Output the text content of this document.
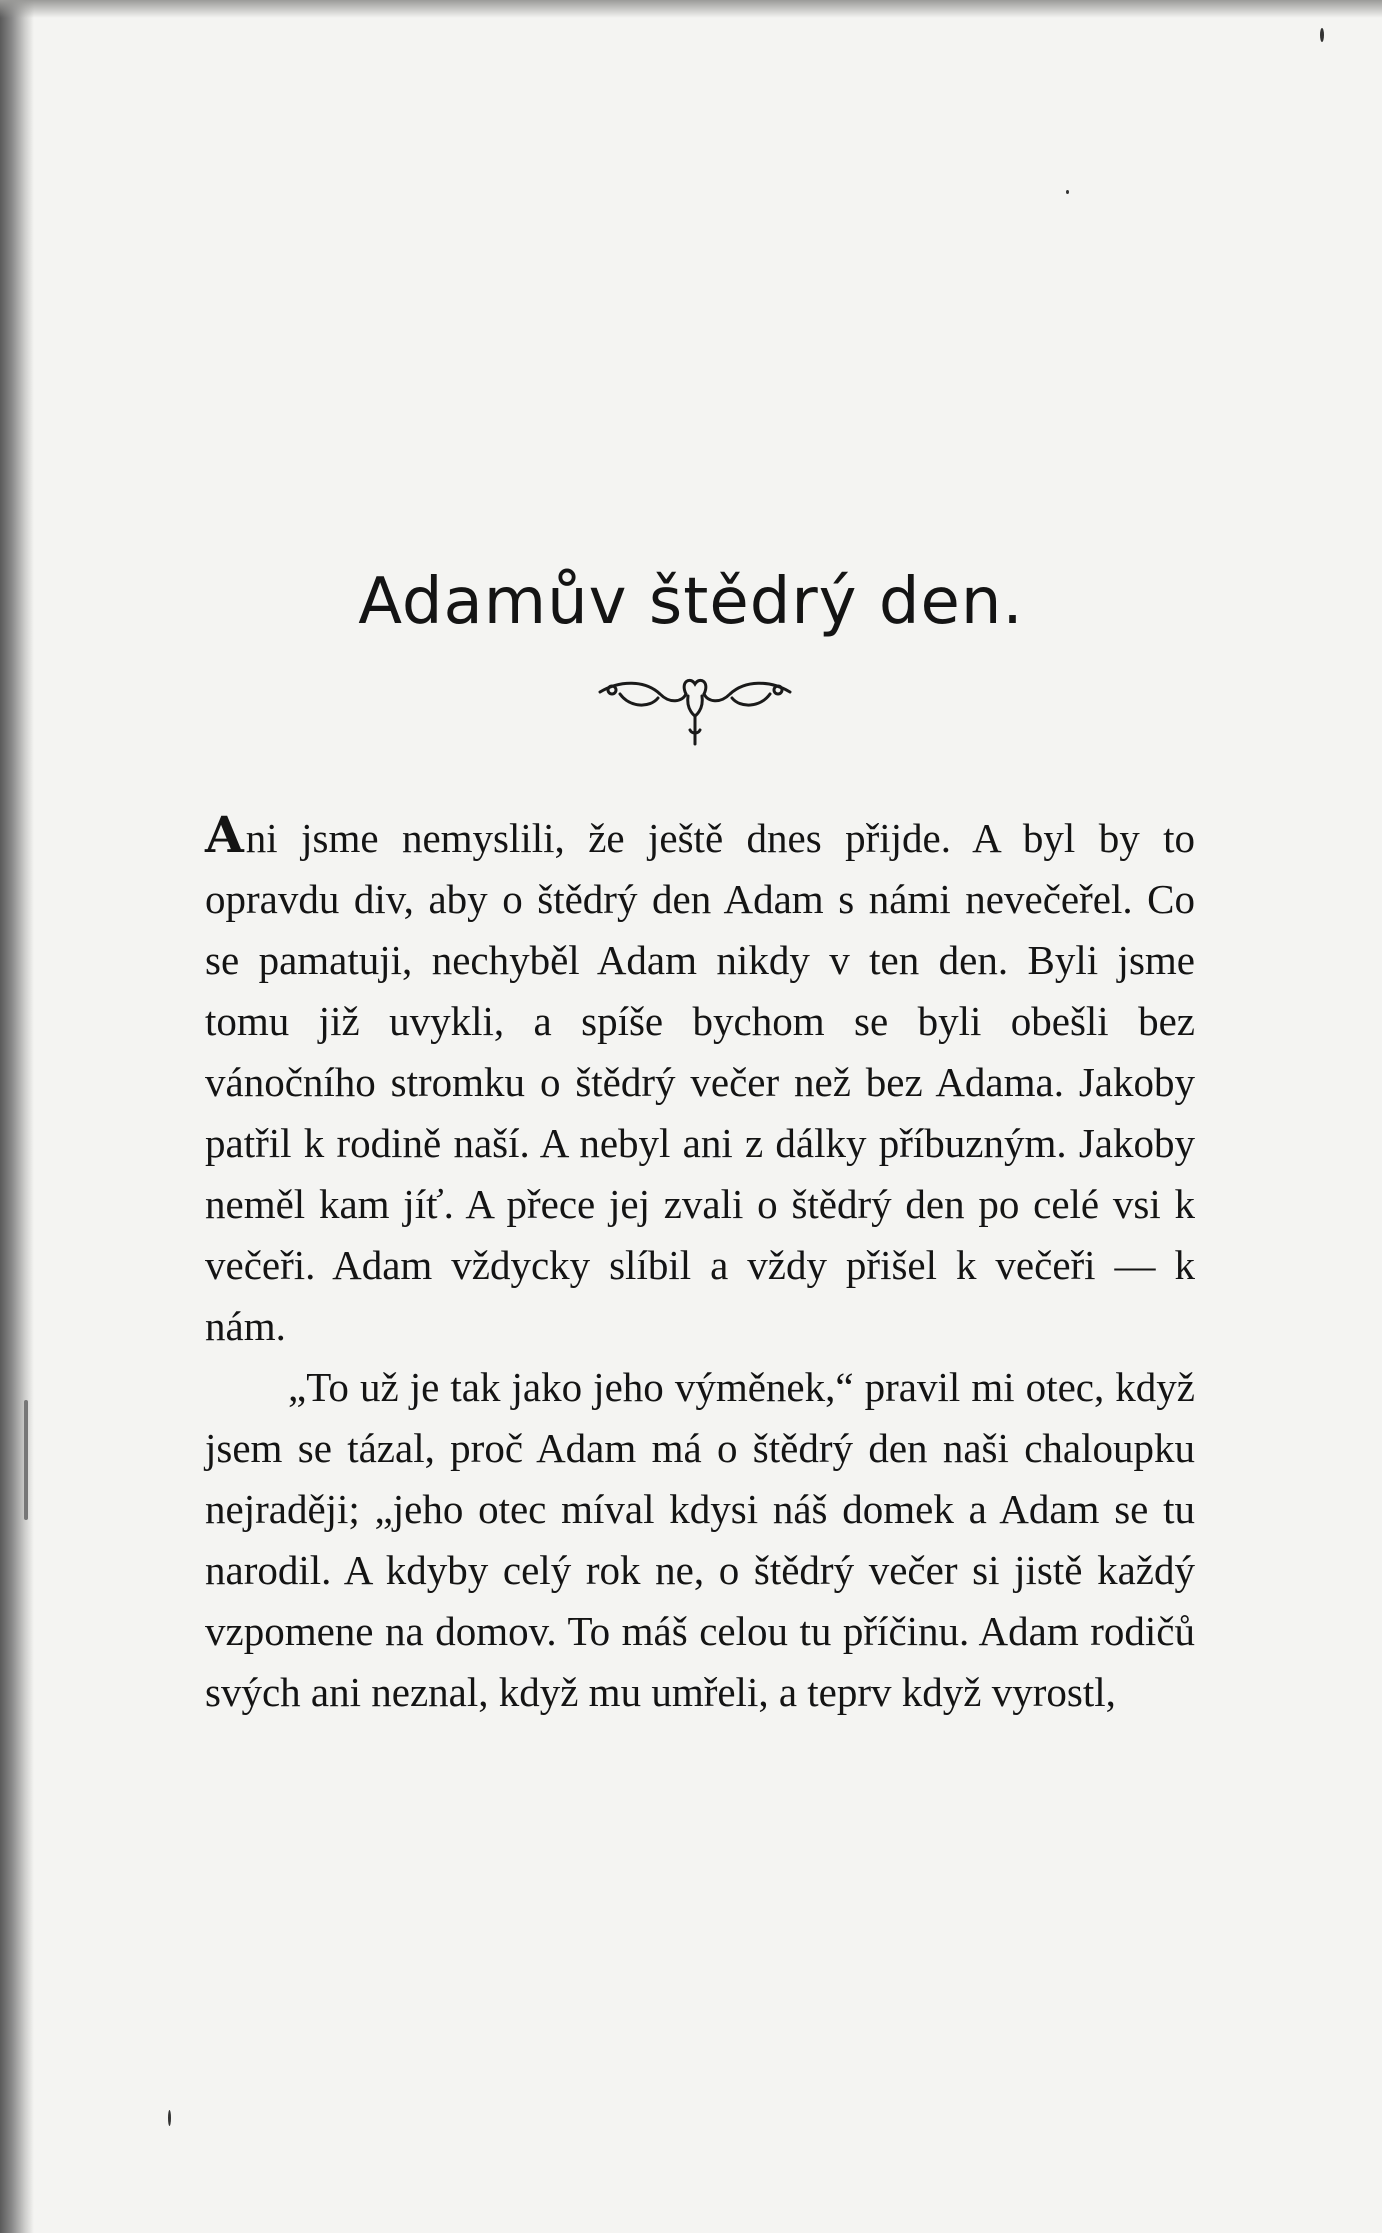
Adamův štědrý den.

Ani jsme nemyslili, že ještě dnes přijde. A byl by to opravdu div, aby o štědrý den Adam s námi nevečeřel. Co se pamatuji, nechyběl Adam nikdy v ten den. Byli jsme tomu již uvykli, a spíše bychom se byli obešli bez vánočního stromku o štědrý večer než bez Adama. Jakoby patřil k rodině naší. A nebyl ani z dálky příbuzným. Jakoby neměl kam jíť. A přece jej zvali o štědrý den po celé vsi k večeři. Adam vždycky slíbil a vždy přišel k večeři — k nám.

„To už je tak jako jeho výměnek,“ pravil mi otec, když jsem se tázal, proč Adam má o štědrý den naši chaloupku nejraději; „jeho otec míval kdysi náš domek a Adam se tu narodil. A kdyby celý rok ne, o štědrý večer si jistě každý vzpomene na domov. To máš celou tu příčinu. Adam rodičů svých ani neznal, když mu umřeli, a teprv když vyrostl,
